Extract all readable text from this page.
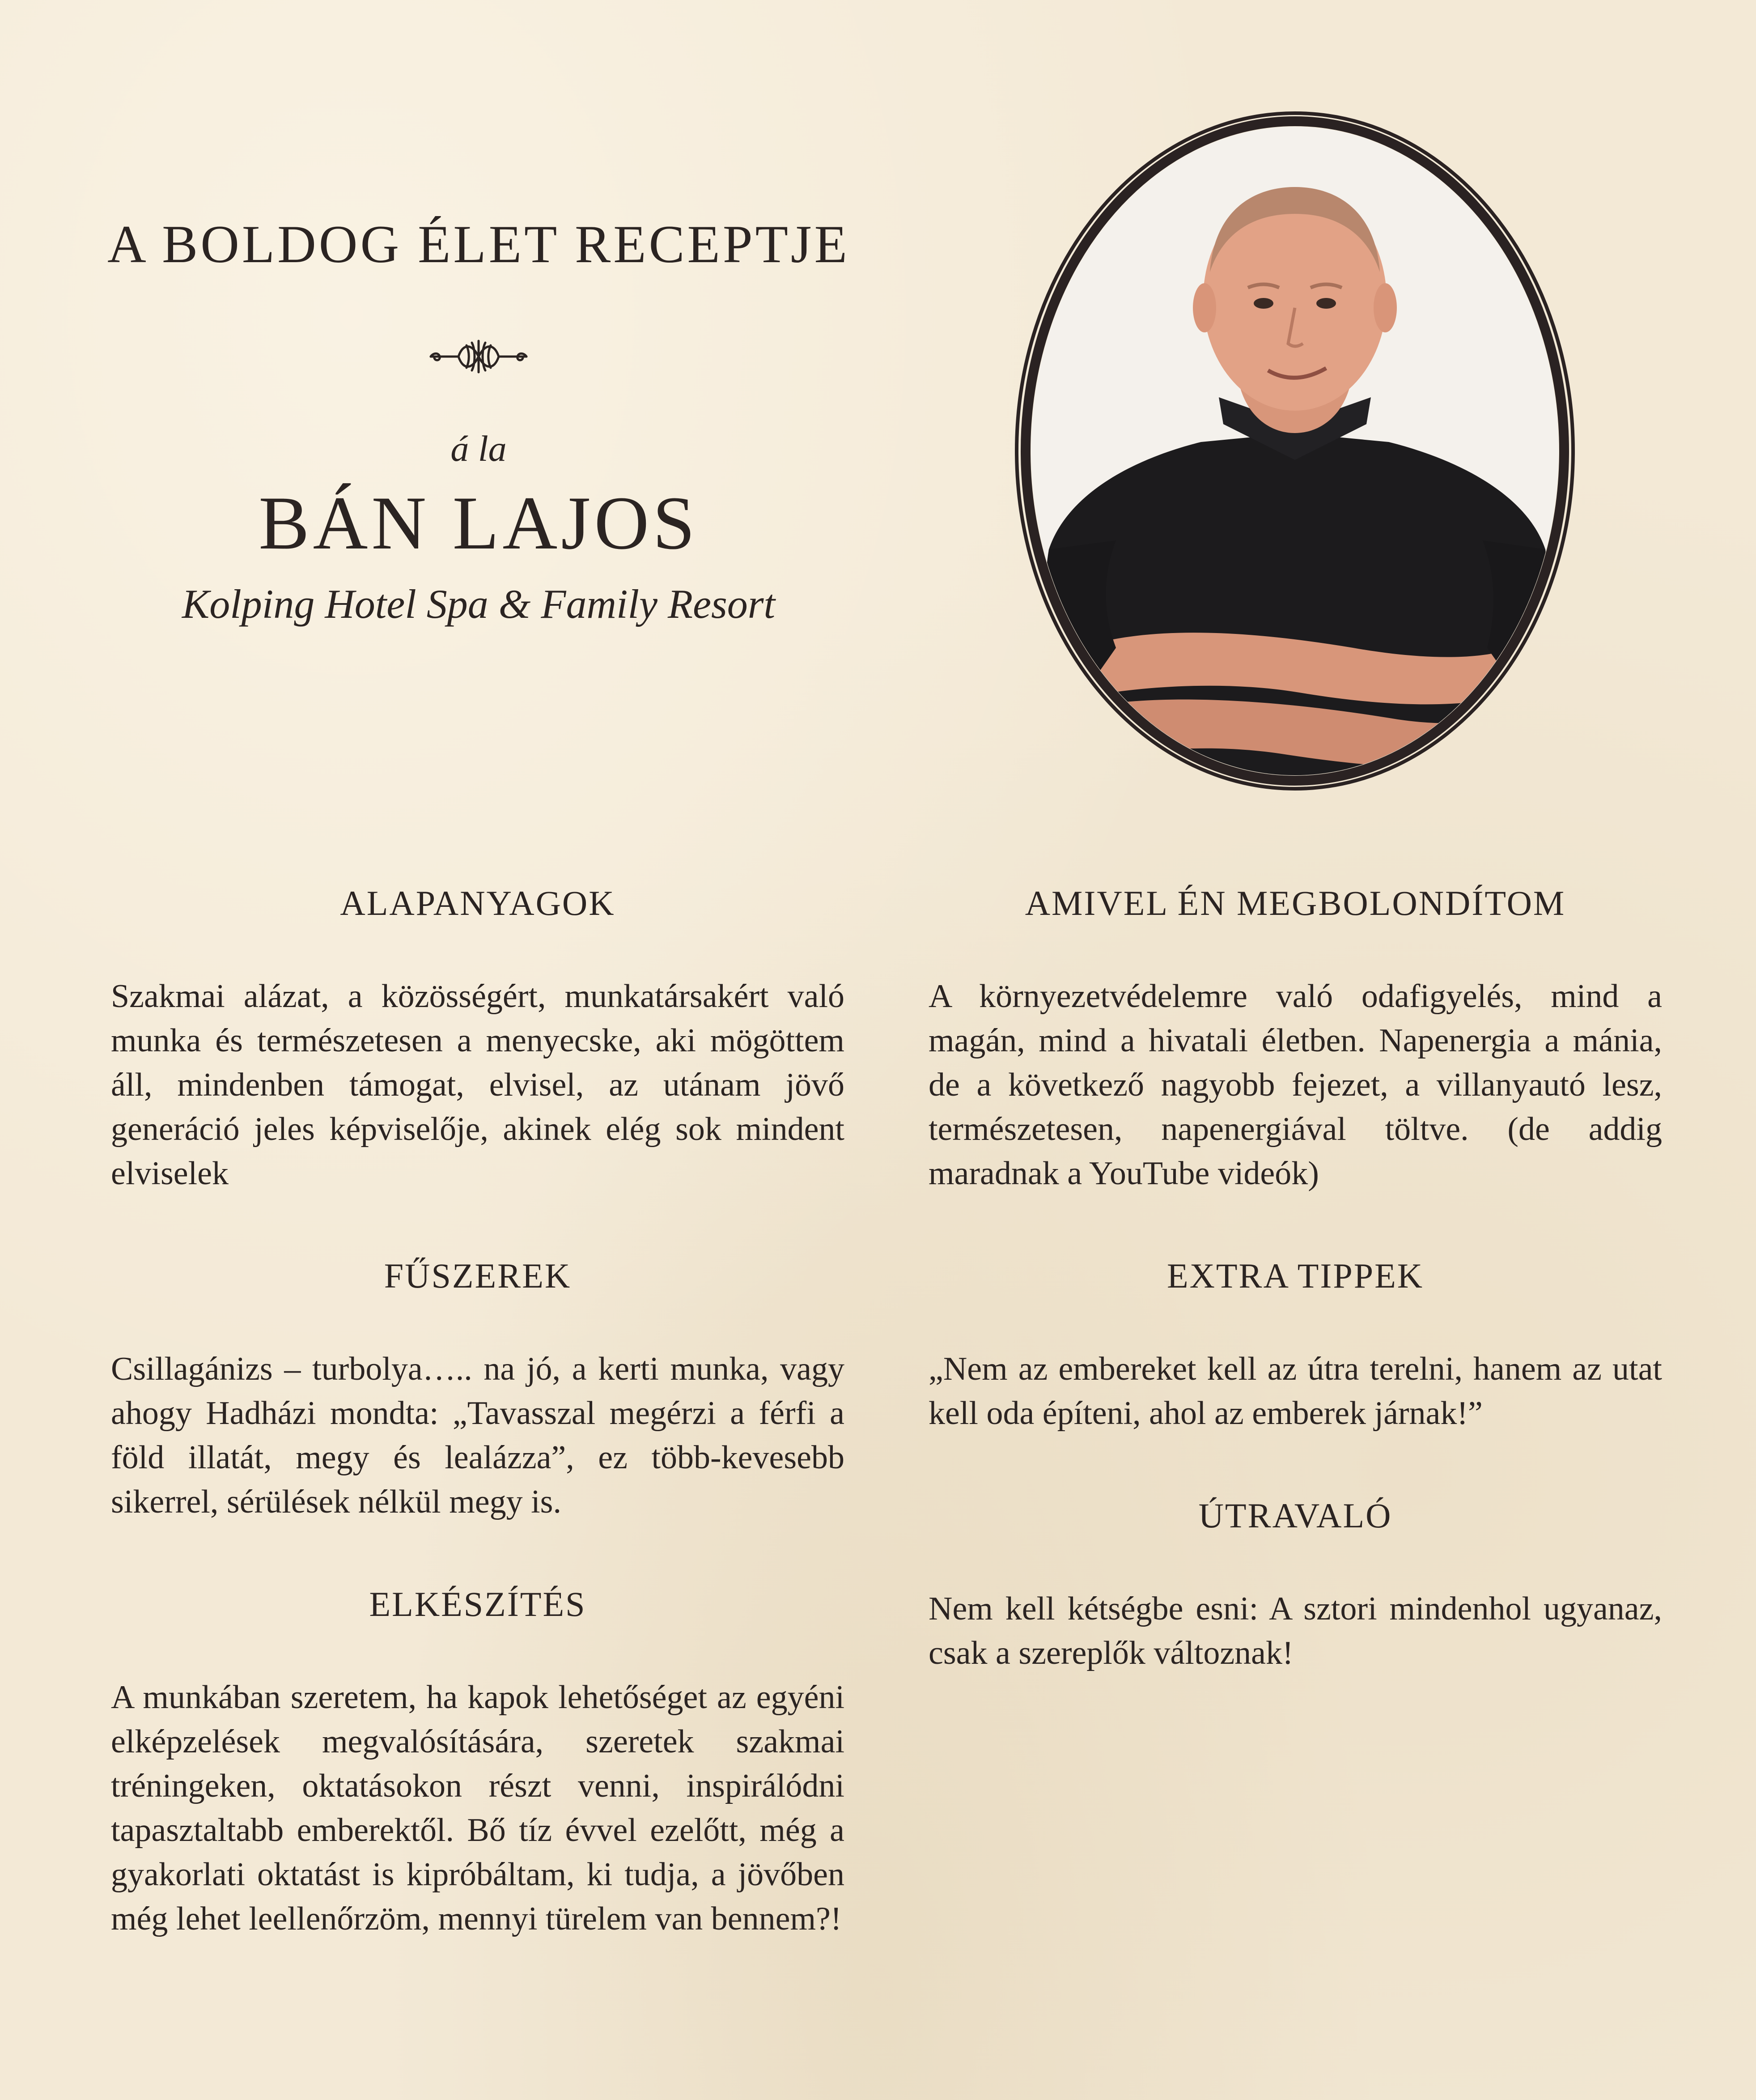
A BOLDOG ÉLET RECEPTJE
á la
BÁN LAJOS
Kolping Hotel Spa & Family Resort
ALAPANYAGOK

Szakmai alázat, a közösségért, munkatársakért való munka és természetesen a menyecske, aki mögöttem áll, mindenben támogat, elvisel, az utánam jövő generáció jeles képviselője, akinek elég sok mindent elviselek

FŰSZEREK

Csillagánizs – turbolya….. na jó, a kerti munka, vagy ahogy Hadházi mondta: „Tavasszal megérzi a férfi a föld illatát, megy és lealázza”, ez több-kevesebb sikerrel, sérülések nélkül megy is.

ELKÉSZÍTÉS

A munkában szeretem, ha kapok lehetőséget az egyéni elképzelések megvalósítására, szeretek szakmai tréningeken, oktatásokon részt venni, inspirálódni tapasztaltabb emberektől. Bő tíz évvel ezelőtt, még a gyakorlati oktatást is kipróbáltam, ki tudja, a jövőben még lehet leellenőrzöm, mennyi türelem van bennem?!

AMIVEL ÉN MEGBOLONDÍTOM

A környezetvédelemre való odafigyelés, mind a magán, mind a hivatali életben. Napenergia a mánia, de a következő nagyobb fejezet, a villanyautó lesz, természetesen, napenergiával töltve. (de addig maradnak a YouTube videók)

EXTRA TIPPEK

„Nem az embereket kell az útra terelni, hanem az utat kell oda építeni, ahol az emberek járnak!”

ÚTRAVALÓ

Nem kell kétségbe esni: A sztori mindenhol ugyanaz, csak a szereplők változnak!
